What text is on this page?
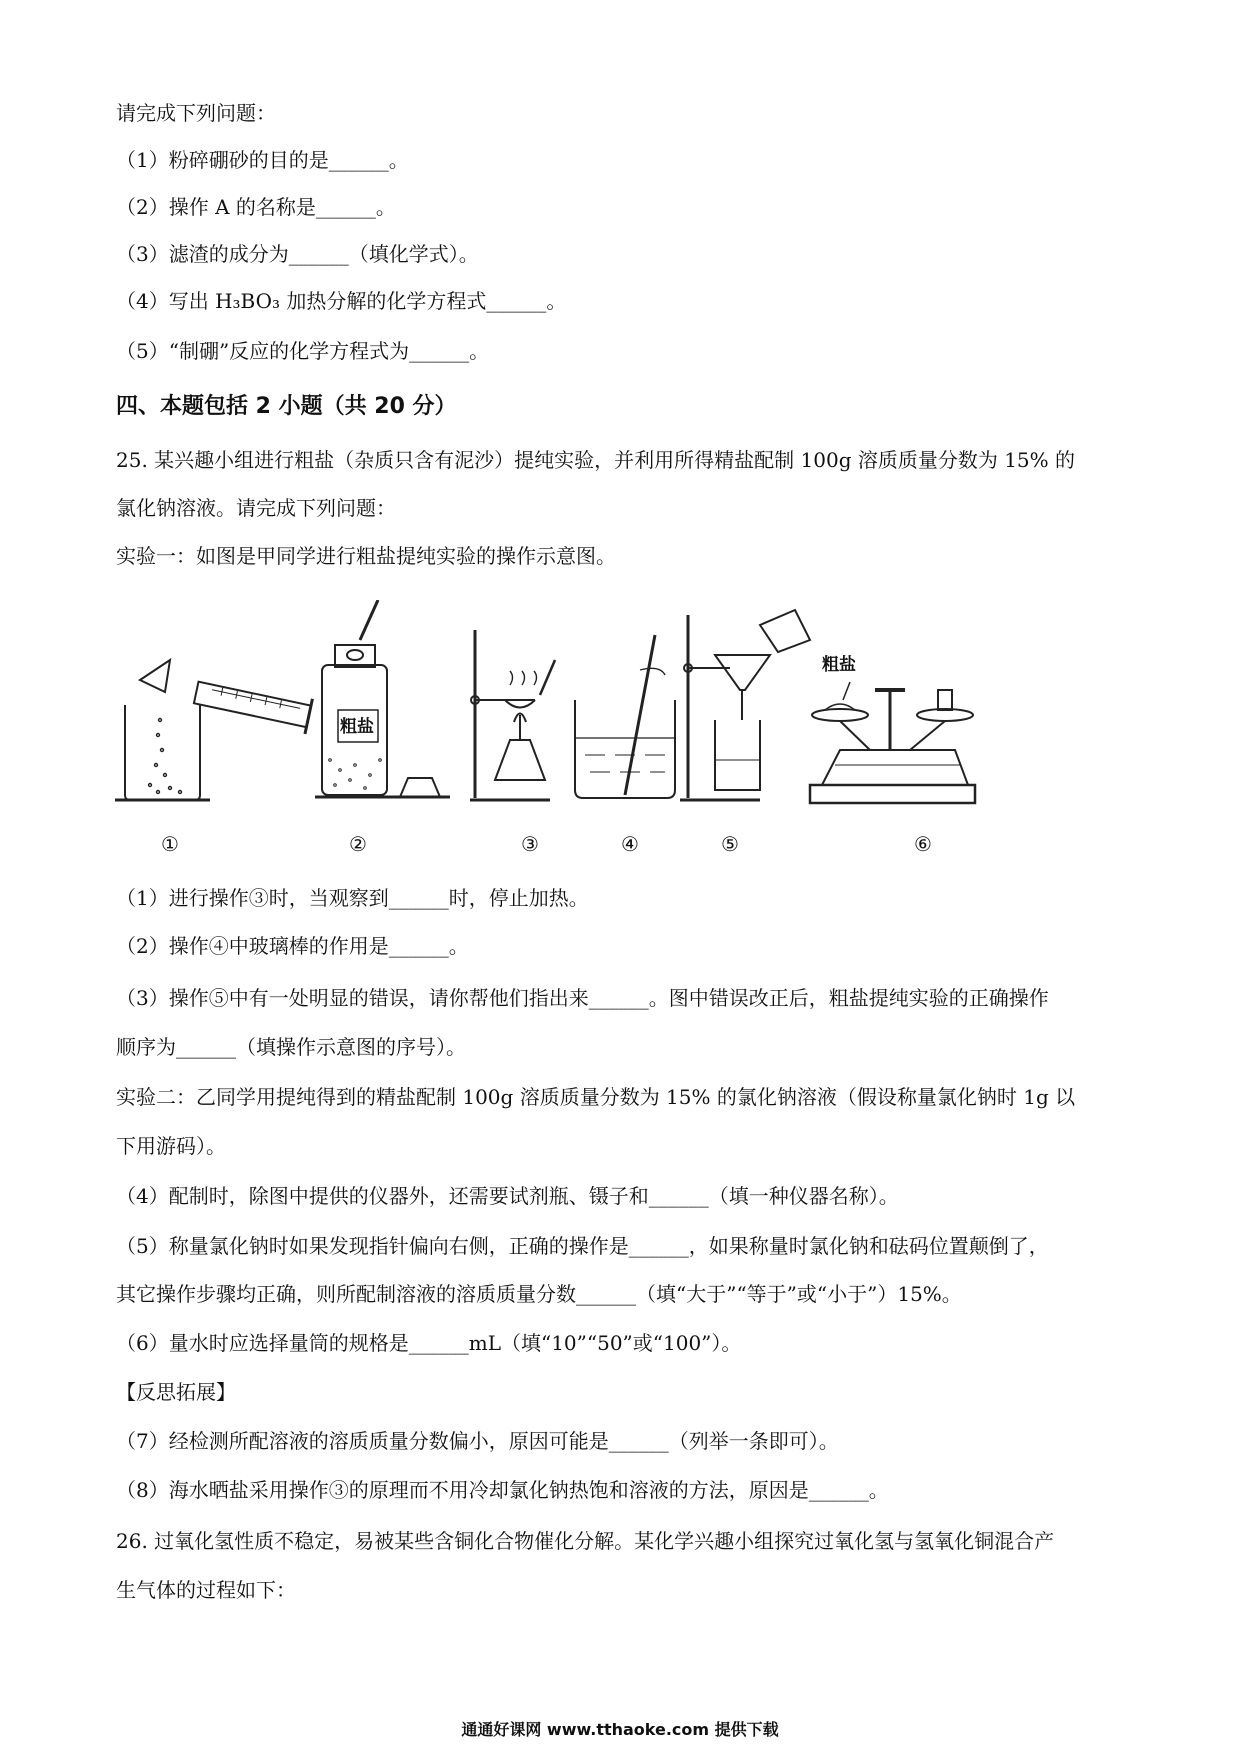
请完成下列问题：
（1）粉碎硼砂的目的是______。
（2）操作 A 的名称是______。
（3）滤渣的成分为______（填化学式）。
（4）写出 H₃BO₃ 加热分解的化学方程式______。
（5）“制硼”反应的化学方程式为______。
四、本题包括 2 小题（共 20 分）
25. 某兴趣小组进行粗盐（杂质只含有泥沙）提纯实验，并利用所得精盐配制 100g 溶质质量分数为 15% 的
氯化钠溶液。请完成下列问题：
实验一：如图是甲同学进行粗盐提纯实验的操作示意图。
粗盐
粗盐
①	②	③	④	⑤	⑥
（1）进行操作③时，当观察到______时，停止加热。
（2）操作④中玻璃棒的作用是______。
（3）操作⑤中有一处明显的错误，请你帮他们指出来______。图中错误改正后，粗盐提纯实验的正确操作
顺序为______（填操作示意图的序号）。
实验二：乙同学用提纯得到的精盐配制 100g 溶质质量分数为 15% 的氯化钠溶液（假设称量氯化钠时 1g 以
下用游码）。
（4）配制时，除图中提供的仪器外，还需要试剂瓶、镊子和______（填一种仪器名称）。
（5）称量氯化钠时如果发现指针偏向右侧，正确的操作是______，如果称量时氯化钠和砝码位置颠倒了，
其它操作步骤均正确，则所配制溶液的溶质质量分数______（填“大于”“等于”或“小于”）15%。
（6）量水时应选择量筒的规格是______mL（填“10”“50”或“100”）。
【反思拓展】
（7）经检测所配溶液的溶质质量分数偏小，原因可能是______（列举一条即可）。
（8）海水晒盐采用操作③的原理而不用冷却氯化钠热饱和溶液的方法，原因是______。
26. 过氧化氢性质不稳定，易被某些含铜化合物催化分解。某化学兴趣小组探究过氧化氢与氢氧化铜混合产
生气体的过程如下：
通通好课网 www.tthaoke.com 提供下载
